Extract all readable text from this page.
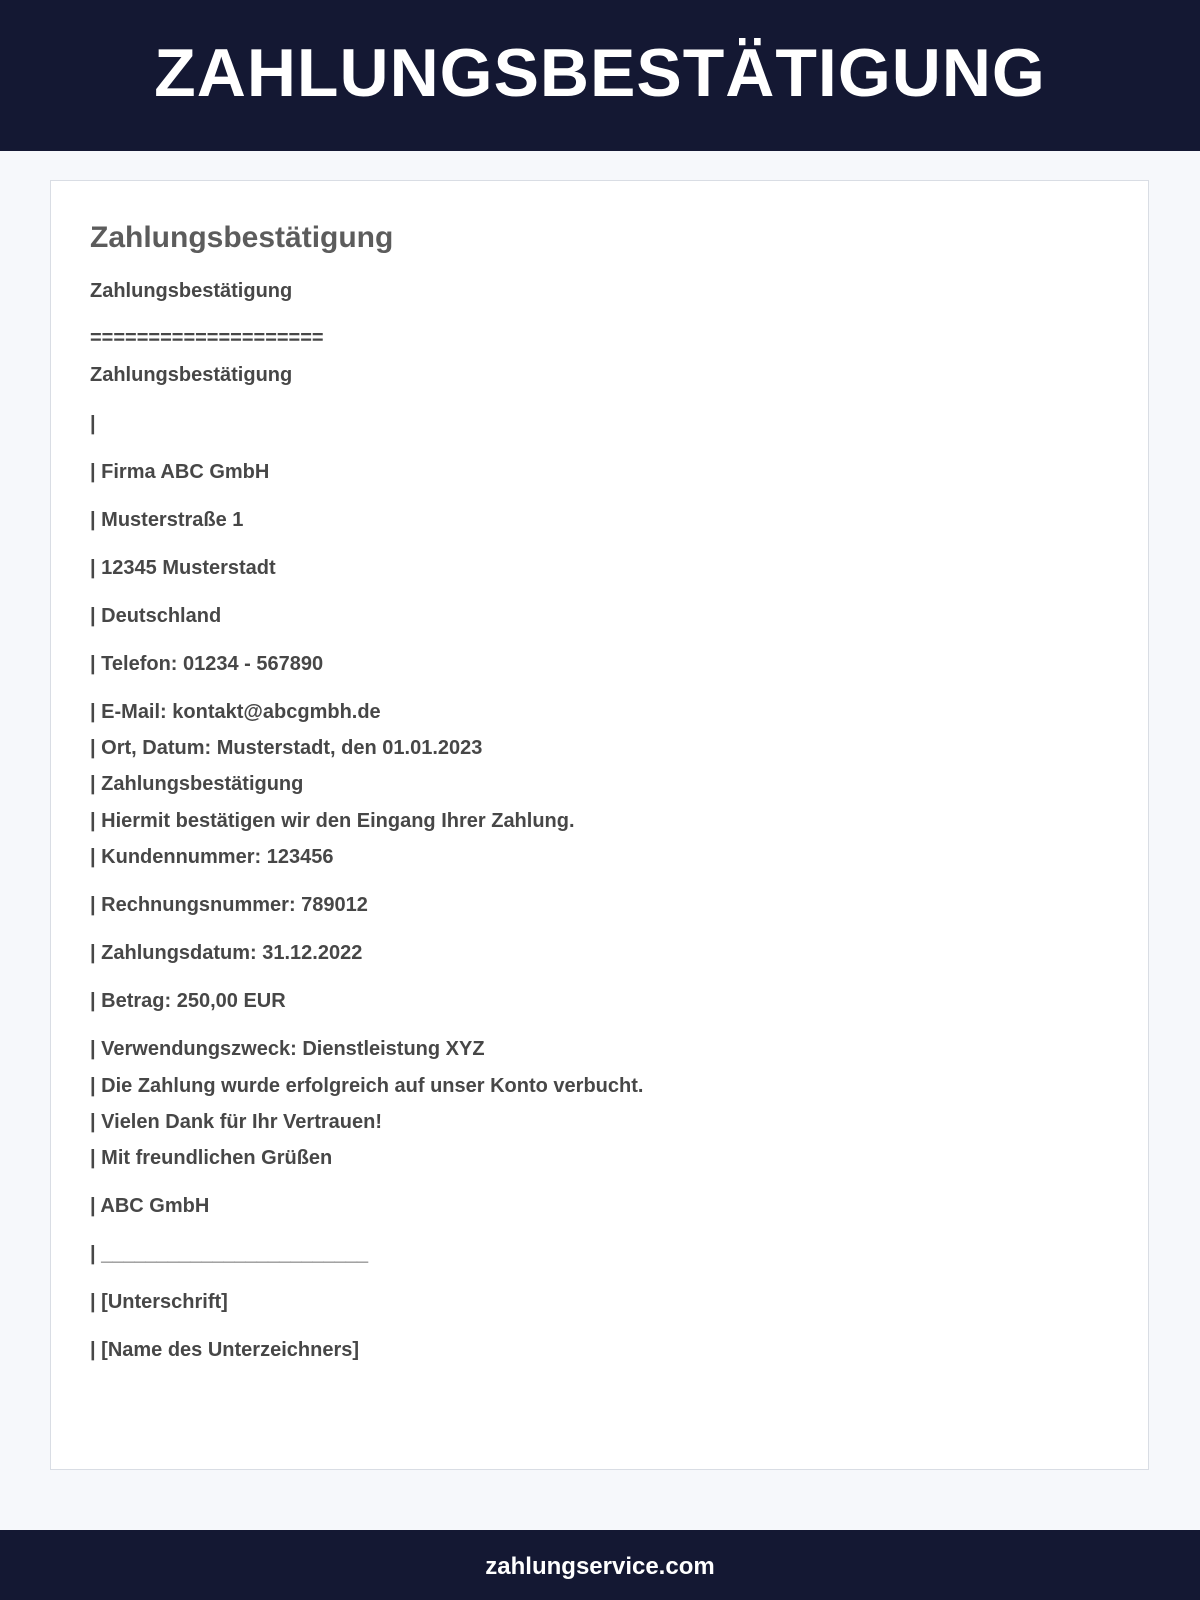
ZAHLUNGSBESTÄTIGUNG
Zahlungsbestätigung

Zahlungsbestätigung

====================

Zahlungsbestätigung

|

| Firma ABC GmbH

| Musterstraße 1

| 12345 Musterstadt

| Deutschland

| Telefon: 01234 - 567890

| E-Mail: kontakt@abcgmbh.de

| Ort, Datum: Musterstadt, den 01.01.2023

| Zahlungsbestätigung

| Hiermit bestätigen wir den Eingang Ihrer Zahlung.

| Kundennummer: 123456

| Rechnungsnummer: 789012

| Zahlungsdatum: 31.12.2022

| Betrag: 250,00 EUR

| Verwendungszweck: Dienstleistung XYZ

| Die Zahlung wurde erfolgreich auf unser Konto verbucht.

| Vielen Dank für Ihr Vertrauen!

| Mit freundlichen Grüßen

| ABC GmbH

| ________________________

| [Unterschrift]

| [Name des Unterzeichners]

zahlungservice.com
